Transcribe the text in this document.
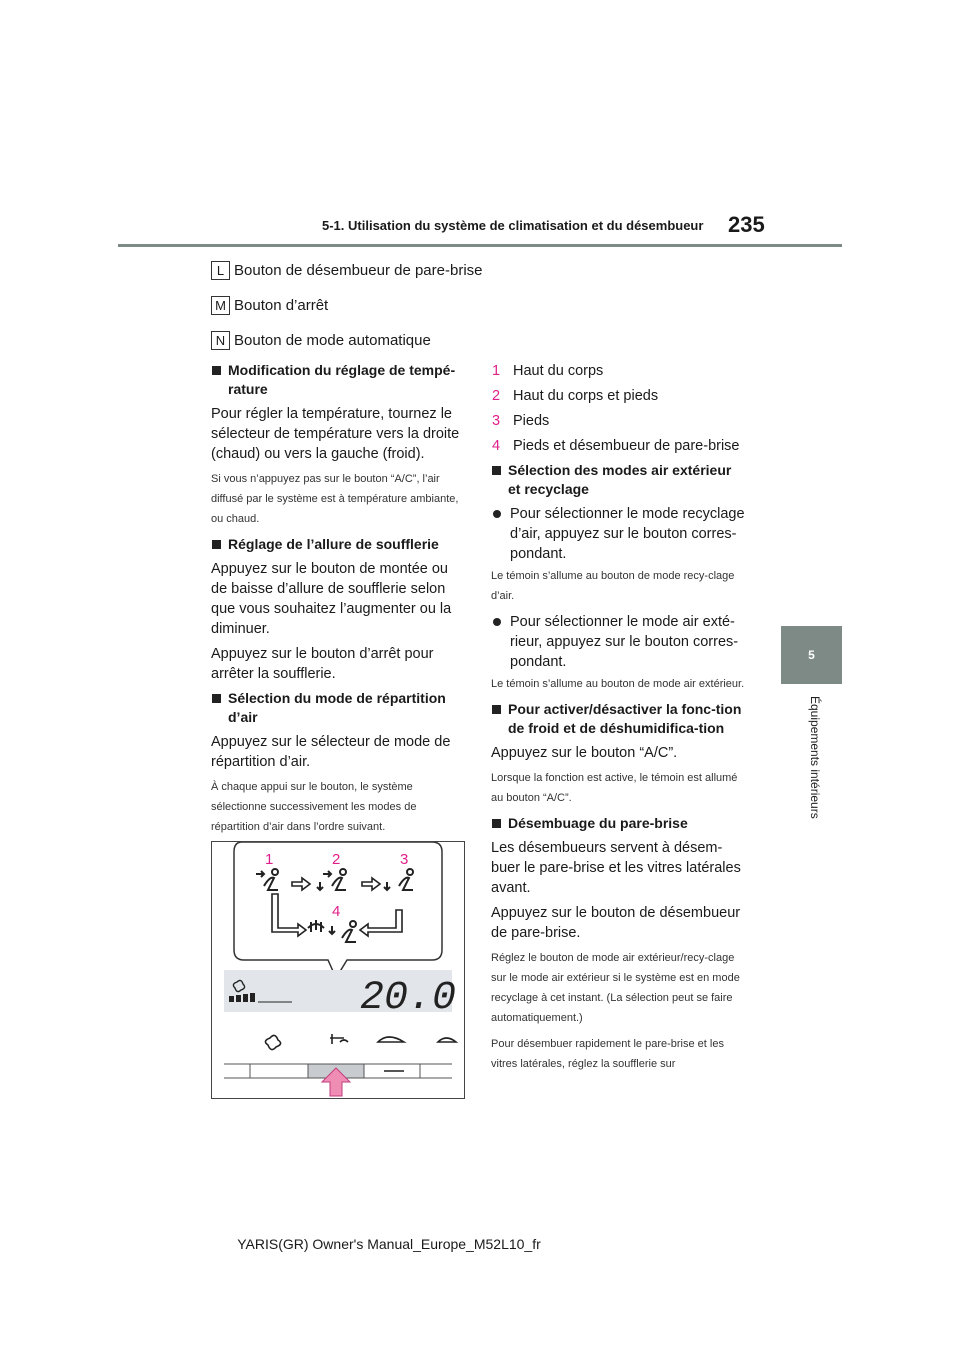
5-1. Utilisation du système de climatisation et du désembueur 235
5
Équipements intérieurs
L Bouton de désembueur de pare-brise
M Bouton d’arrêt
N Bouton de mode automatique
Modification du réglage de tempé-rature
Pour régler la température, tournez le sélecteur de température vers la droite (chaud) ou vers la gauche (froid).
Si vous n’appuyez pas sur le bouton “A/C”, l’air diffusé par le système est à température ambiante, ou chaud.
Réglage de l’allure de soufflerie
Appuyez sur le bouton de montée ou de baisse d’allure de soufflerie selon que vous souhaitez l’augmenter ou la diminuer.
Appuyez sur le bouton d’arrêt pour arrêter la soufflerie.
Sélection du mode de répartition d’air
Appuyez sur le sélecteur de mode de répartition d’air.
À chaque appui sur le bouton, le système sélectionne successivement les modes de répartition d’air dans l’ordre suivant.
1	2	3
4
20.0
1 Haut du corps
2 Haut du corps et pieds
3 Pieds
4 Pieds et désembueur de pare-brise
Sélection des modes air extérieur et recyclage
Pour sélectionner le mode recyclage d’air, appuyez sur le bouton corres-pondant.
Le témoin s’allume au bouton de mode recy-clage d’air.
Pour sélectionner le mode air exté-rieur, appuyez sur le bouton corres-pondant.
Le témoin s’allume au bouton de mode air extérieur.
Pour activer/désactiver la fonc-tion de froid et de déshumidifica-tion
Appuyez sur le bouton “A/C”.
Lorsque la fonction est active, le témoin est allumé au bouton “A/C”.
Désembuage du pare-brise
Les désembueurs servent à désem-buer le pare-brise et les vitres latérales avant.
Appuyez sur le bouton de désembueur de pare-brise.
Réglez le bouton de mode air extérieur/recy-clage sur le mode air extérieur si le système est en mode recyclage à cet instant. (La sélection peut se faire automatiquement.)
Pour désembuer rapidement le pare-brise et les vitres latérales, réglez la soufflerie sur
YARIS(GR) Owner's Manual_Europe_M52L10_fr
